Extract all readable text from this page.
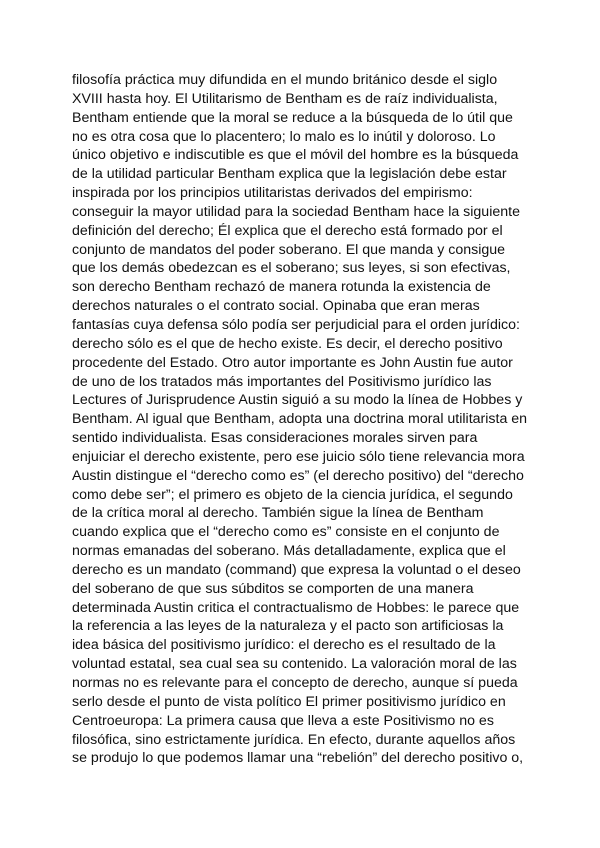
filosofía práctica muy difundida en el mundo británico desde el siglo
XVIII hasta hoy. El Utilitarismo de Bentham es de raíz individualista,
Bentham entiende que la moral se reduce a la búsqueda de lo útil que
no es otra cosa que lo placentero; lo malo es lo inútil y doloroso. Lo
único objetivo e indiscutible es que el móvil del hombre es la búsqueda
de la utilidad particular Bentham explica que la legislación debe estar
inspirada por los principios utilitaristas derivados del empirismo:
conseguir la mayor utilidad para la sociedad Bentham hace la siguiente
definición del derecho; Él explica que el derecho está formado por el
conjunto de mandatos del poder soberano. El que manda y consigue
que los demás obedezcan es el soberano; sus leyes, si son efectivas,
son derecho Bentham rechazó de manera rotunda la existencia de
derechos naturales o el contrato social. Opinaba que eran meras
fantasías cuya defensa sólo podía ser perjudicial para el orden jurídico:
derecho sólo es el que de hecho existe. Es decir, el derecho positivo
procedente del Estado. Otro autor importante es John Austin fue autor
de uno de los tratados más importantes del Positivismo jurídico las
Lectures of Jurisprudence Austin siguió a su modo la línea de Hobbes y
Bentham. Al igual que Bentham, adopta una doctrina moral utilitarista en
sentido individualista. Esas consideraciones morales sirven para
enjuiciar el derecho existente, pero ese juicio sólo tiene relevancia mora
Austin distingue el “derecho como es” (el derecho positivo) del “derecho
como debe ser”; el primero es objeto de la ciencia jurídica, el segundo
de la crítica moral al derecho. También sigue la línea de Bentham
cuando explica que el “derecho como es” consiste en el conjunto de
normas emanadas del soberano. Más detalladamente, explica que el
derecho es un mandato (command) que expresa la voluntad o el deseo
del soberano de que sus súbditos se comporten de una manera
determinada Austin critica el contractualismo de Hobbes: le parece que
la referencia a las leyes de la naturaleza y el pacto son artificiosas la
idea básica del positivismo jurídico: el derecho es el resultado de la
voluntad estatal, sea cual sea su contenido. La valoración moral de las
normas no es relevante para el concepto de derecho, aunque sí pueda
serlo desde el punto de vista político El primer positivismo jurídico en
Centroeuropa: La primera causa que lleva a este Positivismo no es
filosófica, sino estrictamente jurídica. En efecto, durante aquellos años
se produjo lo que podemos llamar una “rebelión” del derecho positivo o,
